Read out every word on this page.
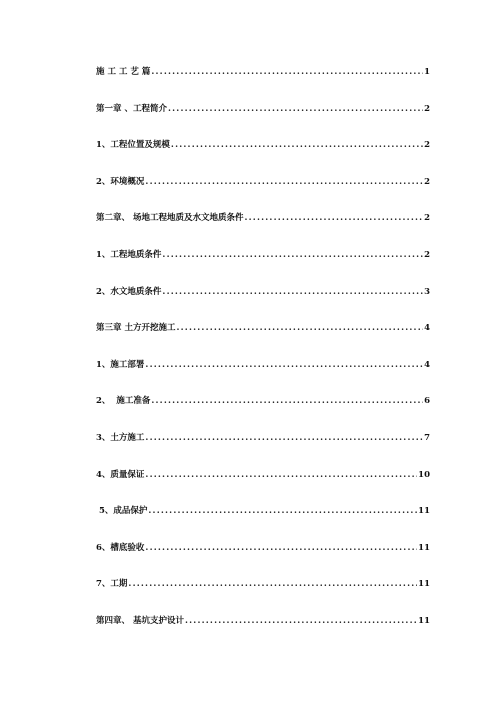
施 工 工 艺 篇 .....	1
第一章 、工程简介 .....	2
1、工程位置及规模 .....	2
2、环境概况 .....	2
第二章、 场地工程地质及水文地质条件 .....	2
1、工程地质条件 .....	2
2、水文地质条件 .....	3
第三章 土方开挖施工 .....	4
1、施工部署 .....	4
2、  施工准备 .....	6
3、土方施工 .....	7
4、质量保证 .....	10
5、成品保护 .....	11
6、槽底验收 .....	11
7、工期 .....	11
第四章、 基坑支护设计 .....	11
